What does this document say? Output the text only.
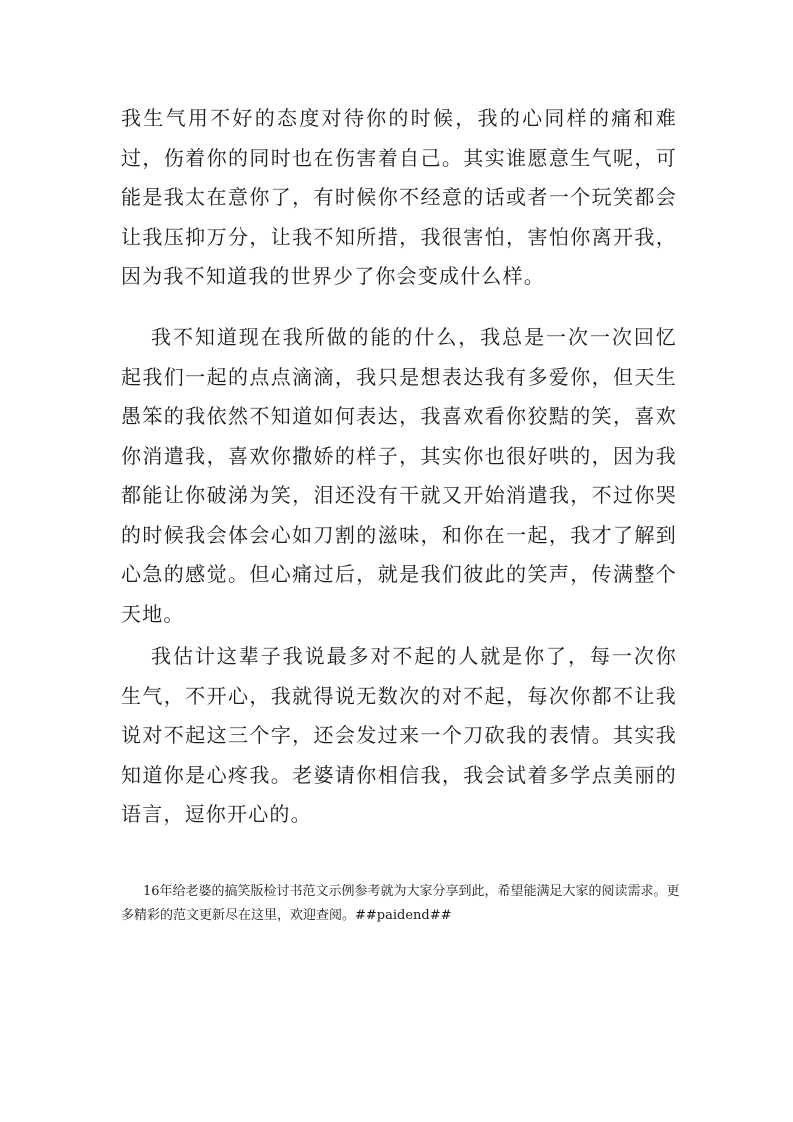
我生气用不好的态度对待你的时候，我的心同样的痛和难过，伤着你的同时也在伤害着自己。其实谁愿意生气呢，可能是我太在意你了，有时候你不经意的话或者一个玩笑都会让我压抑万分，让我不知所措，我很害怕，害怕你离开我，因为我不知道我的世界少了你会变成什么样。

我不知道现在我所做的能的什么，我总是一次一次回忆起我们一起的点点滴滴，我只是想表达我有多爱你，但天生愚笨的我依然不知道如何表达，我喜欢看你狡黠的笑，喜欢你消遣我，喜欢你撒娇的样子，其实你也很好哄的，因为我都能让你破涕为笑，泪还没有干就又开始消遣我，不过你哭的时候我会体会心如刀割的滋味，和你在一起，我才了解到心急的感觉。但心痛过后，就是我们彼此的笑声，传满整个天地。

我估计这辈子我说最多对不起的人就是你了，每一次你生气，不开心，我就得说无数次的对不起，每次你都不让我说对不起这三个字，还会发过来一个刀砍我的表情。其实我知道你是心疼我。老婆请你相信我，我会试着多学点美丽的语言，逗你开心的。

16年给老婆的搞笑版检讨书范文示例参考就为大家分享到此，希望能满足大家的阅读需求。更多精彩的范文更新尽在这里，欢迎查阅。##paidend##
